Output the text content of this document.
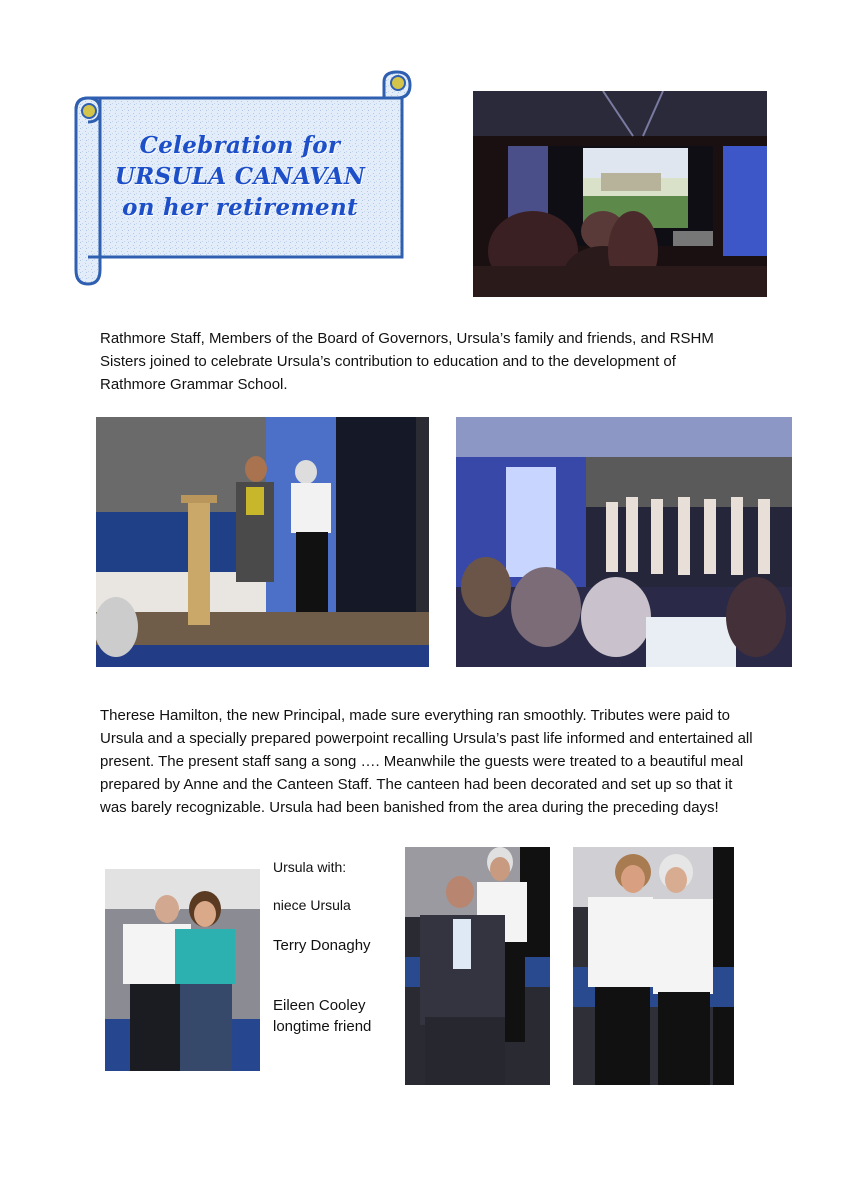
Celebration for
URSULA CANAVAN
on her retirement
Rathmore Staff, Members of the Board of Governors, Ursula’s family and friends, and RSHM Sisters joined to celebrate Ursula’s contribution to education and to the development of Rathmore Grammar School.
Therese Hamilton, the new Principal, made sure everything ran smoothly. Tributes were paid to Ursula and a specially prepared powerpoint recalling Ursula’s past life informed and entertained all present. The present staff sang a song …. Meanwhile the guests were treated to a beautiful meal prepared by Anne and the Canteen Staff. The canteen had been decorated and set up so that it was barely recognizable. Ursula had been banished from the area during the preceding days!
Ursula with:
niece Ursula
Terry Donaghy
Eileen Cooley
longtime friend
